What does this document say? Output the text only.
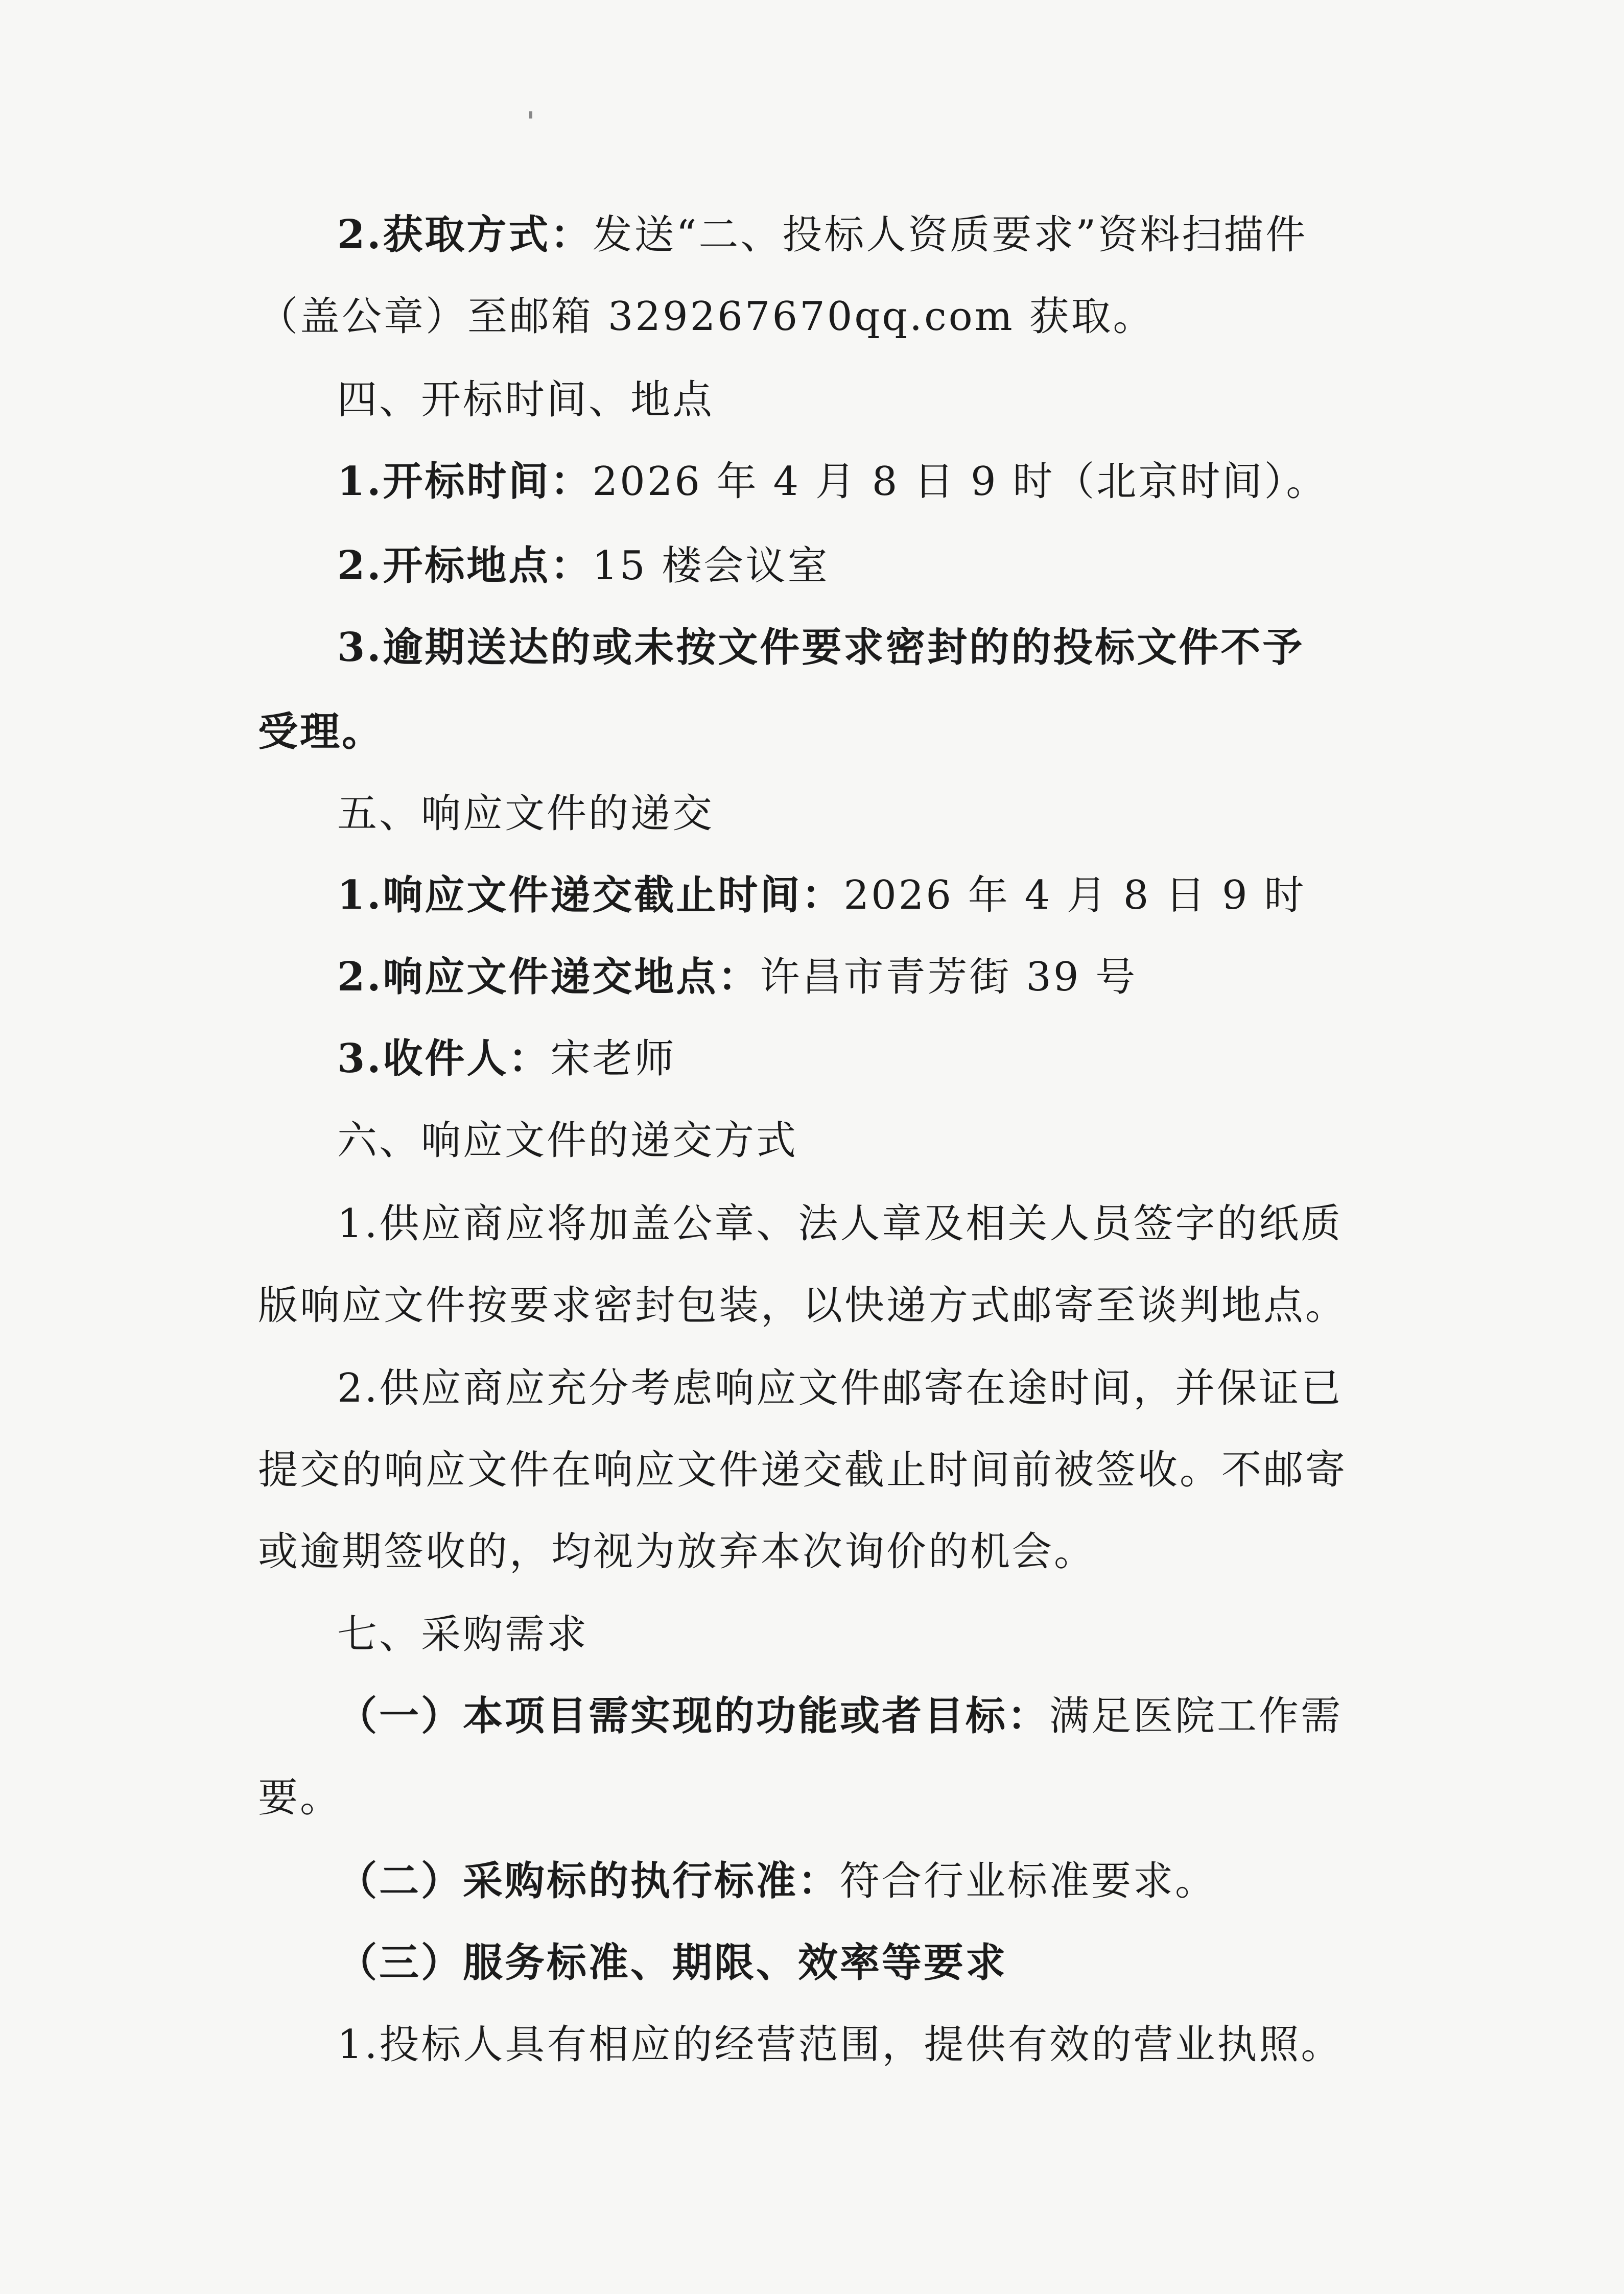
2.获取方式：发送“二、投标人资质要求”资料扫描件
（盖公章）至邮箱 329267670qq.com 获取。
四、开标时间、地点
1.开标时间：2026 年 4 月 8 日 9 时（北京时间）。
2.开标地点：15 楼会议室
3.逾期送达的或未按文件要求密封的的投标文件不予
受理。
五、响应文件的递交
1.响应文件递交截止时间：2026 年 4 月 8 日 9 时
2.响应文件递交地点：许昌市青芳街 39 号
3.收件人：宋老师
六、响应文件的递交方式
1.供应商应将加盖公章、法人章及相关人员签字的纸质
版响应文件按要求密封包装，以快递方式邮寄至谈判地点。
2.供应商应充分考虑响应文件邮寄在途时间，并保证已
提交的响应文件在响应文件递交截止时间前被签收。不邮寄
或逾期签收的，均视为放弃本次询价的机会。
七、采购需求
（一）本项目需实现的功能或者目标：满足医院工作需
要。
（二）采购标的执行标准：符合行业标准要求。
（三）服务标准、期限、效率等要求
1.投标人具有相应的经营范围，提供有效的营业执照。
